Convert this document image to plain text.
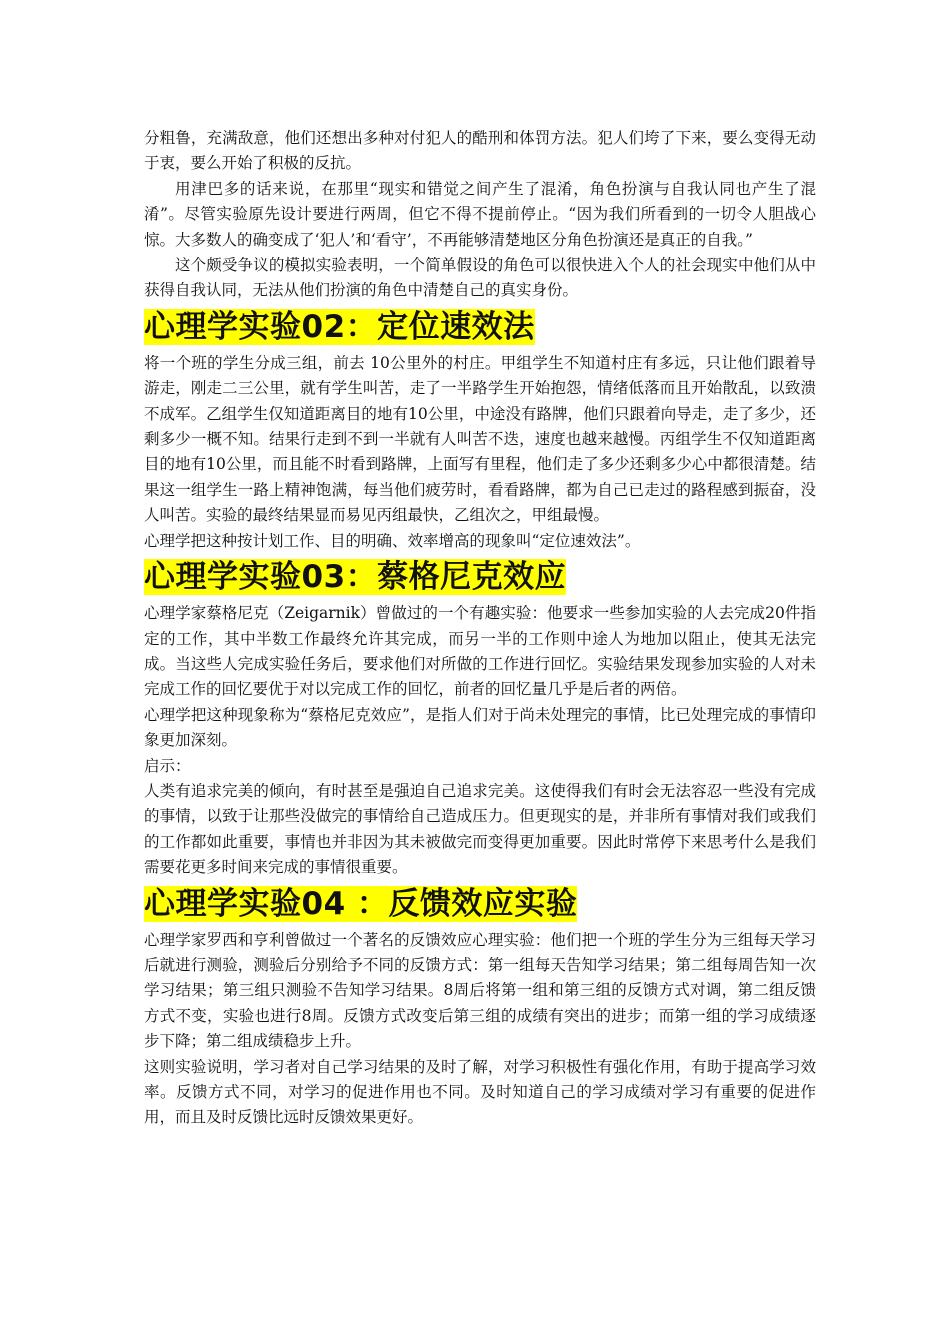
分粗鲁，充满敌意，他们还想出多种对付犯人的酷刑和体罚方法。犯人们垮了下来，要么变得无动于衷，要么开始了积极的反抗。

用津巴多的话来说，在那里“现实和错觉之间产生了混淆，角色扮演与自我认同也产生了混淆”。尽管实验原先设计要进行两周，但它不得不提前停止。“因为我们所看到的一切令人胆战心惊。大多数人的确变成了‘犯人’和‘看守’，不再能够清楚地区分角色扮演还是真正的自我。”

这个颇受争议的模拟实验表明，一个简单假设的角色可以很快进入个人的社会现实中他们从中获得自我认同，无法从他们扮演的角色中清楚自己的真实身份。

心理学实验02：定位速效法

将一个班的学生分成三组，前去 10公里外的村庄。甲组学生不知道村庄有多远，只让他们跟着导游走，刚走二三公里，就有学生叫苦，走了一半路学生开始抱怨，情绪低落而且开始散乱，以致溃不成军。乙组学生仅知道距离目的地有10公里，中途没有路牌，他们只跟着向导走，走了多少，还剩多少一概不知。结果行走到不到一半就有人叫苦不迭，速度也越来越慢。丙组学生不仅知道距离目的地有10公里，而且能不时看到路牌，上面写有里程，他们走了多少还剩多少心中都很清楚。结果这一组学生一路上精神饱满，每当他们疲劳时，看看路牌，都为自己已走过的路程感到振奋，没人叫苦。实验的最终结果显而易见丙组最快，乙组次之，甲组最慢。

心理学把这种按计划工作、目的明确、效率增高的现象叫“定位速效法”。

心理学实验03：蔡格尼克效应

心理学家蔡格尼克（Zeigarnik）曾做过的一个有趣实验：他要求一些参加实验的人去完成20件指定的工作，其中半数工作最终允许其完成，而另一半的工作则中途人为地加以阻止，使其无法完成。当这些人完成实验任务后，要求他们对所做的工作进行回忆。实验结果发现参加实验的人对未完成工作的回忆要优于对以完成工作的回忆，前者的回忆量几乎是后者的两倍。

心理学把这种现象称为“蔡格尼克效应”，是指人们对于尚未处理完的事情，比已处理完成的事情印象更加深刻。

启示：

人类有追求完美的倾向，有时甚至是强迫自己追求完美。这使得我们有时会无法容忍一些没有完成的事情，以致于让那些没做完的事情给自己造成压力。但更现实的是，并非所有事情对我们或我们的工作都如此重要，事情也并非因为其未被做完而变得更加重要。因此时常停下来思考什么是我们需要花更多时间来完成的事情很重要。

心理学实验04 ：反馈效应实验

心理学家罗西和亨利曾做过一个著名的反馈效应心理实验：他们把一个班的学生分为三组每天学习后就进行测验，测验后分别给予不同的反馈方式：第一组每天告知学习结果；第二组每周告知一次学习结果；第三组只测验不告知学习结果。8周后将第一组和第三组的反馈方式对调，第二组反馈方式不变，实验也进行8周。反馈方式改变后第三组的成绩有突出的进步；而第一组的学习成绩逐步下降；第二组成绩稳步上升。

这则实验说明，学习者对自己学习结果的及时了解，对学习积极性有强化作用，有助于提高学习效率。反馈方式不同，对学习的促进作用也不同。及时知道自己的学习成绩对学习有重要的促进作用，而且及时反馈比远时反馈效果更好。
